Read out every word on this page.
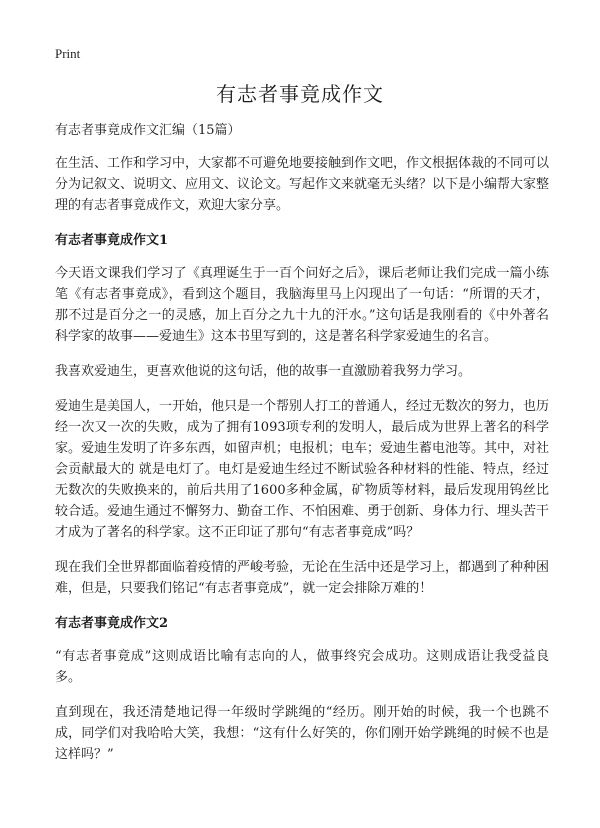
Print
有志者事竟成作文

有志者事竟成作文汇编（15篇）

在生活、工作和学习中，大家都不可避免地要接触到作文吧，作文根据体裁的不同可以分为记叙文、说明文、应用文、议论文。写起作文来就毫无头绪？以下是小编帮大家整理的有志者事竟成作文，欢迎大家分享。

有志者事竟成作文1

今天语文课我们学习了《真理诞生于一百个问好之后》，课后老师让我们完成一篇小练笔《有志者事竟成》，看到这个题目，我脑海里马上闪现出了一句话：“所谓的天才，那不过是百分之一的灵感，加上百分之九十九的汗水。”这句话是我刚看的《中外著名科学家的故事——爱迪生》这本书里写到的，这是著名科学家爱迪生的名言。

我喜欢爱迪生，更喜欢他说的这句话，他的故事一直激励着我努力学习。

爱迪生是美国人，一开始，他只是一个帮别人打工的普通人，经过无数次的努力，也历经一次又一次的失败，成为了拥有1093项专利的发明人，最后成为世界上著名的科学家。爱迪生发明了许多东西，如留声机；电报机；电车；爱迪生蓄电池等。其中，对社会贡献最大的 就是电灯了。电灯是爱迪生经过不断试验各种材料的性能、特点，经过无数次的失败换来的，前后共用了1600多种金属，矿物质等材料，最后发现用钨丝比较合适。爱迪生通过不懈努力、勤奋工作、不怕困难、勇于创新、身体力行、埋头苦干才成为了著名的科学家。这不正印证了那句“有志者事竟成”吗？

现在我们全世界都面临着疫情的严峻考验，无论在生活中还是学习上，都遇到了种种困难，但是，只要我们铭记“有志者事竟成”，就一定会排除万难的！

有志者事竟成作文2

“有志者事竟成”这则成语比喻有志向的人，做事终究会成功。这则成语让我受益良多。

直到现在，我还清楚地记得一年级时学跳绳的“经历。刚开始的时候，我一个也跳不成，同学们对我哈哈大笑，我想：“这有什么好笑的，你们刚开始学跳绳的时候不也是这样吗？”
